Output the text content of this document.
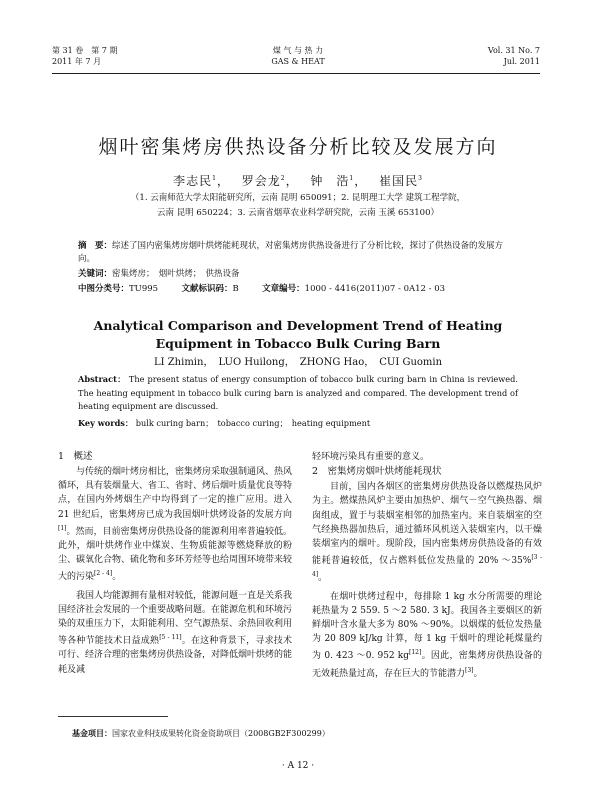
第 31 卷　第 7 期
2011 年 7 月
煤 气 与 热 力
GAS & HEAT
Vol. 31 No. 7
Jul. 2011
烟叶密集烤房供热设备分析比较及发展方向
李志民$^1$，　 罗会龙$^2$，　 钟　浩$^1$，　 崔国民$^3$
（1. 云南师范大学太阳能研究所，云南 昆明 650091；2. 昆明理工大学 建筑工程学院，
云南 昆明 650224；3. 云南省烟草农业科学研究院，云南 玉溪 653100）
摘　要：综述了国内密集烤房烟叶烘烤能耗现状，对密集烤房供热设备进行了分析比较，探讨了供热设备的发展方向。
关键词：密集烤房；　烟叶烘烤；　供热设备
中图分类号：TU995	文献标识码：B	文章编号：1000 - 4416(2011)07 - 0A12 - 03
Analytical Comparison and Development Trend of Heating
Equipment in Tobacco Bulk Curing Barn
LI Zhimin，　LUO Huilong，　ZHONG Hao，　CUI Guomin
Abstract： The present status of energy consumption of tobacco bulk curing barn in China is reviewed. The heating equipment in tobacco bulk curing barn is analyzed and compared. The development trend of heating equipment are discussed.
Key words： bulk curing barn；　tobacco curing；　heating equipment
1　概述
与传统的烟叶烤房相比，密集烤房采取强制通风、热风循环，具有装烟量大、省工、省时、烤后烟叶质量优良等特点，在国内外烤烟生产中均得到了一定的推广应用。进入 21 世纪后，密集烤房已成为我国烟叶烘烤设备的发展方向[1]。然而，目前密集烤房供热设备的能源利用率普遍较低。此外，烟叶烘烤作业中煤炭、生物质能源等燃烧释放的粉尘、碳氧化合物、硫化物和多环芳烃等也给周围环境带来较大的污染[2 - 4]。
我国人均能源拥有量相对较低，能源问题一直是关系我国经济社会发展的一个重要战略问题。在能源危机和环境污染的双重压力下，太阳能利用、空气源热泵、余热回收利用等各种节能技术日益成熟[5 - 11]。在这种背景下，寻求技术可行、经济合理的密集烤房供热设备，对降低烟叶烘烤的能耗及减
轻环境污染具有重要的意义。
2　密集烤房烟叶烘烤能耗现状
目前，国内各烟区的密集烤房供热设备以燃煤热风炉为主。燃煤热风炉主要由加热炉、烟气－空气换热器、烟囱组成，置于与装烟室相邻的加热室内。来自装烟室的空气经换热器加热后，通过循环风机送入装烟室内，以干燥装烟室内的烟叶。现阶段，国内密集烤房供热设备的有效能耗普遍较低，仅占燃料低位发热量的 20% ～35%[3 - 4]。
在烟叶烘烤过程中，每排除 1 kg 水分所需要的理论耗热量为 2 559. 5 ～2 580. 3 kJ。我国各主要烟区的新鲜烟叶含水量大多为 80% ～90%。以烟煤的低位发热量为 20 809 kJ/kg 计算，每 1 kg 干烟叶的理论耗煤量约为 0. 423 ～0. 952 kg[12]。因此，密集烤房供热设备的无效耗热量过高，存在巨大的节能潜力[3]。
基金项目：国家农业科技成果转化资金资助项目（2008GB2F300299）
· A 12 ·
